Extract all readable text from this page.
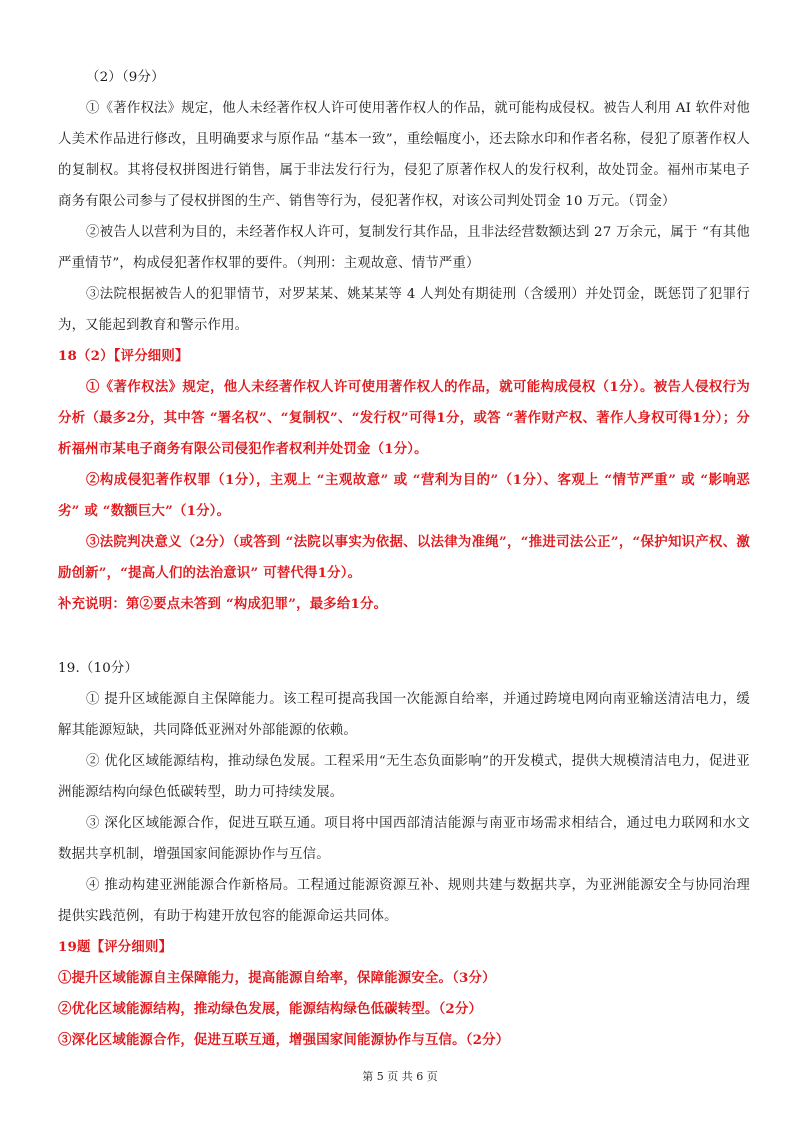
（2）（9分）

①《著作权法》规定，他人未经著作权人许可使用著作权人的作品，就可能构成侵权。被告人利用 AI 软件对他人美术作品进行修改，且明确要求与原作品 “基本一致”，重绘幅度小，还去除水印和作者名称，侵犯了原著作权人的复制权。其将侵权拼图进行销售，属于非法发行行为，侵犯了原著作权人的发行权利，故处罚金。福州市某电子商务有限公司参与了侵权拼图的生产、销售等行为，侵犯著作权，对该公司判处罚金 10 万元。（罚金）

②被告人以营利为目的，未经著作权人许可，复制发行其作品，且非法经营数额达到 27 万余元，属于 “有其他严重情节”，构成侵犯著作权罪的要件。（判刑：主观故意、情节严重）

③法院根据被告人的犯罪情节，对罗某某、姚某某等 4 人判处有期徒刑（含缓刑）并处罚金，既惩罚了犯罪行为，又能起到教育和警示作用。

18（2）【评分细则】

①《著作权法》规定，他人未经著作权人许可使用著作权人的作品，就可能构成侵权（1分）。被告人侵权行为分析（最多2分，其中答 “署名权”、“复制权”、“发行权”可得1分，或答 “著作财产权、著作人身权可得1分）；分析福州市某电子商务有限公司侵犯作者权利并处罚金（1分）。

②构成侵犯著作权罪（1分），主观上 “主观故意” 或 “营利为目的”（1分）、客观上 “情节严重” 或 “影响恶劣” 或 “数额巨大”（1分）。

③法院判决意义（2分）（或答到 “法院以事实为依据、以法律为准绳”，“推进司法公正”，“保护知识产权、激励创新”，“提高人们的法治意识” 可替代得1分）。

补充说明：第②要点未答到 “构成犯罪”，最多给1分。

19.（10分）

① 提升区域能源自主保障能力。该工程可提高我国一次能源自给率，并通过跨境电网向南亚输送清洁电力，缓解其能源短缺，共同降低亚洲对外部能源的依赖。

② 优化区域能源结构，推动绿色发展。工程采用“无生态负面影响”的开发模式，提供大规模清洁电力，促进亚洲能源结构向绿色低碳转型，助力可持续发展。

③ 深化区域能源合作，促进互联互通。项目将中国西部清洁能源与南亚市场需求相结合，通过电力联网和水文数据共享机制，增强国家间能源协作与互信。

④ 推动构建亚洲能源合作新格局。工程通过能源资源互补、规则共建与数据共享，为亚洲能源安全与协同治理提供实践范例，有助于构建开放包容的能源命运共同体。

19题【评分细则】

①提升区域能源自主保障能力，提高能源自给率，保障能源安全。（3分）

②优化区域能源结构，推动绿色发展，能源结构绿色低碳转型。（2分）

③深化区域能源合作，促进互联互通，增强国家间能源协作与互信。（2分）

第 5 页 共 6 页
